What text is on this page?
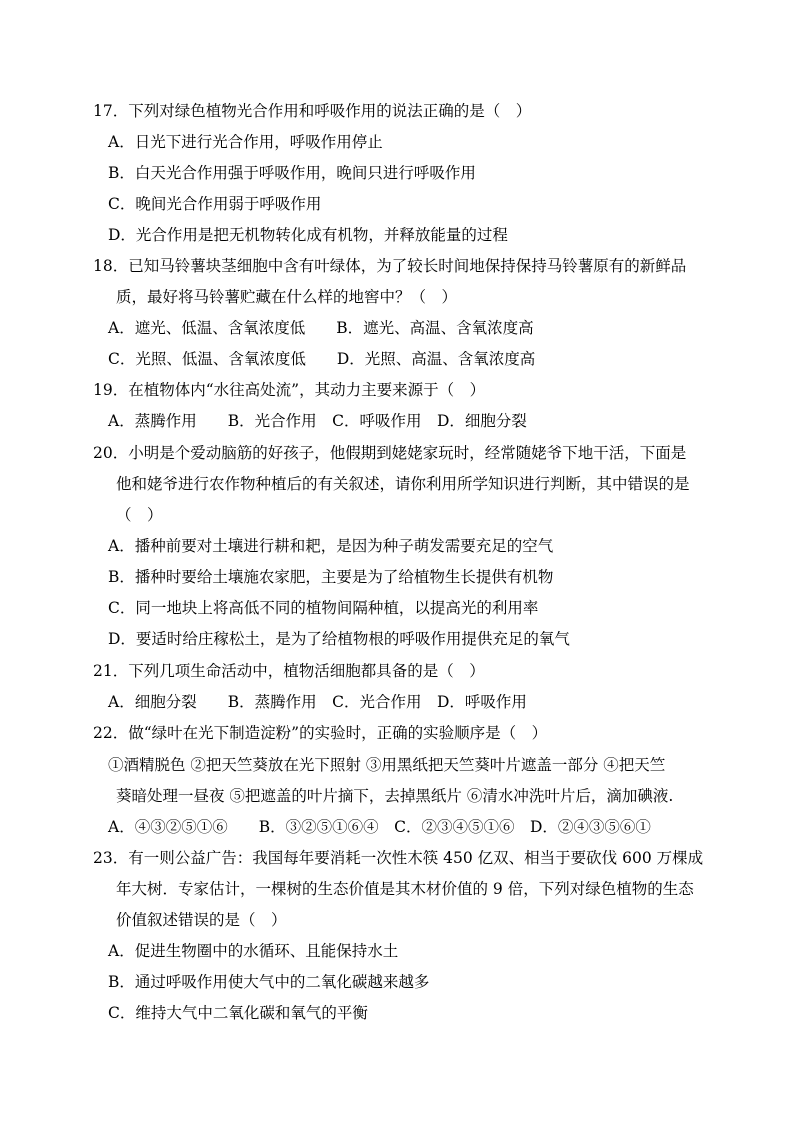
17．下列对绿色植物光合作用和呼吸作用的说法正确的是（　）
A．日光下进行光合作用，呼吸作用停止
B．白天光合作用强于呼吸作用，晚间只进行呼吸作用
C．晚间光合作用弱于呼吸作用
D．光合作用是把无机物转化成有机物，并释放能量的过程
18．已知马铃薯块茎细胞中含有叶绿体，为了较长时间地保持保持马铃薯原有的新鲜品
质，最好将马铃薯贮藏在什么样的地窖中？（　）
A．遮光、低温、含氧浓度低　　B．遮光、高温、含氧浓度高
C．光照、低温、含氧浓度低　　D．光照、高温、含氧浓度高
19．在植物体内“水往高处流”，其动力主要来源于（　）
A．蒸腾作用　　B．光合作用　C．呼吸作用　D．细胞分裂
20．小明是个爱动脑筋的好孩子，他假期到姥姥家玩时，经常随姥爷下地干活，下面是
他和姥爷进行农作物种植后的有关叙述，请你利用所学知识进行判断，其中错误的是
（　）
A．播种前要对土壤进行耕和耙，是因为种子萌发需要充足的空气
B．播种时要给土壤施农家肥，主要是为了给植物生长提供有机物
C．同一地块上将高低不同的植物间隔种植，以提高光的利用率
D．要适时给庄稼松土，是为了给植物根的呼吸作用提供充足的氧气
21．下列几项生命活动中，植物活细胞都具备的是（　）
A．细胞分裂　　B．蒸腾作用　C．光合作用　D．呼吸作用
22．做“绿叶在光下制造淀粉”的实验时，正确的实验顺序是（　）
①酒精脱色 ②把天竺葵放在光下照射 ③用黑纸把天竺葵叶片遮盖一部分 ④把天竺
葵暗处理一昼夜 ⑤把遮盖的叶片摘下，去掉黑纸片 ⑥清水冲洗叶片后，滴加碘液.
A．④③②⑤①⑥　　B．③②⑤①⑥④　C．②③④⑤①⑥　D．②④③⑤⑥①
23．有一则公益广告：我国每年要消耗一次性木筷 450 亿双、相当于要砍伐 600 万棵成
年大树．专家估计，一棵树的生态价值是其木材价值的 9 倍，下列对绿色植物的生态
价值叙述错误的是（　）
A．促进生物圈中的水循环、且能保持水土
B．通过呼吸作用使大气中的二氧化碳越来越多
C．维持大气中二氧化碳和氧气的平衡
